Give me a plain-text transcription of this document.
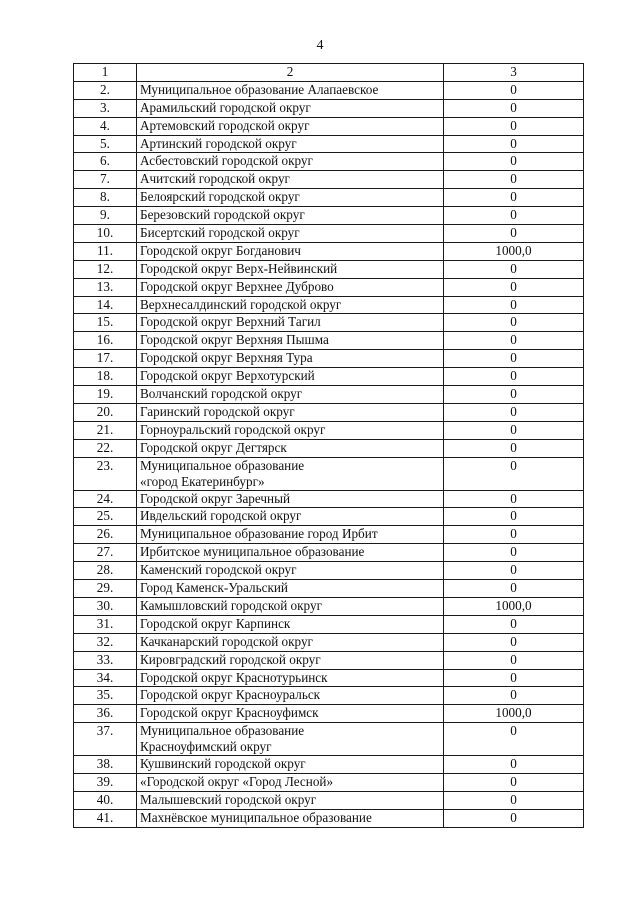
4
1	2	3
2.	Муниципальное образование Алапаевское	0
3.	Арамильский городской округ	0
4.	Артемовский городской округ	0
5.	Артинский городской округ	0
6.	Асбестовский городской округ	0
7.	Ачитский городской округ	0
8.	Белоярский городской округ	0
9.	Березовский городской округ	0
10.	Бисертский городской округ	0
11.	Городской округ Богданович	1000,0
12.	Городской округ Верх-Нейвинский	0
13.	Городской округ Верхнее Дуброво	0
14.	Верхнесалдинский городской округ	0
15.	Городской округ Верхний Тагил	0
16.	Городской округ Верхняя Пышма	0
17.	Городской округ Верхняя Тура	0
18.	Городской округ Верхотурский	0
19.	Волчанский городской округ	0
20.	Гаринский городской округ	0
21.	Горноуральский городской округ	0
22.	Городской округ Дегтярск	0
23.	Муниципальное образование
«город Екатеринбург»	0
24.	Городской округ Заречный	0
25.	Ивдельский городской округ	0
26.	Муниципальное образование город Ирбит	0
27.	Ирбитское муниципальное образование	0
28.	Каменский городской округ	0
29.	Город Каменск-Уральский	0
30.	Камышловский городской округ	1000,0
31.	Городской округ Карпинск	0
32.	Качканарский городской округ	0
33.	Кировградский городской округ	0
34.	Городской округ Краснотурьинск	0
35.	Городской округ Красноуральск	0
36.	Городской округ Красноуфимск	1000,0
37.	Муниципальное образование
Красноуфимский округ	0
38.	Кушвинский городской округ	0
39.	«Городской округ «Город Лесной»	0
40.	Малышевский городской округ	0
41.	Махнёвское муниципальное образование	0
